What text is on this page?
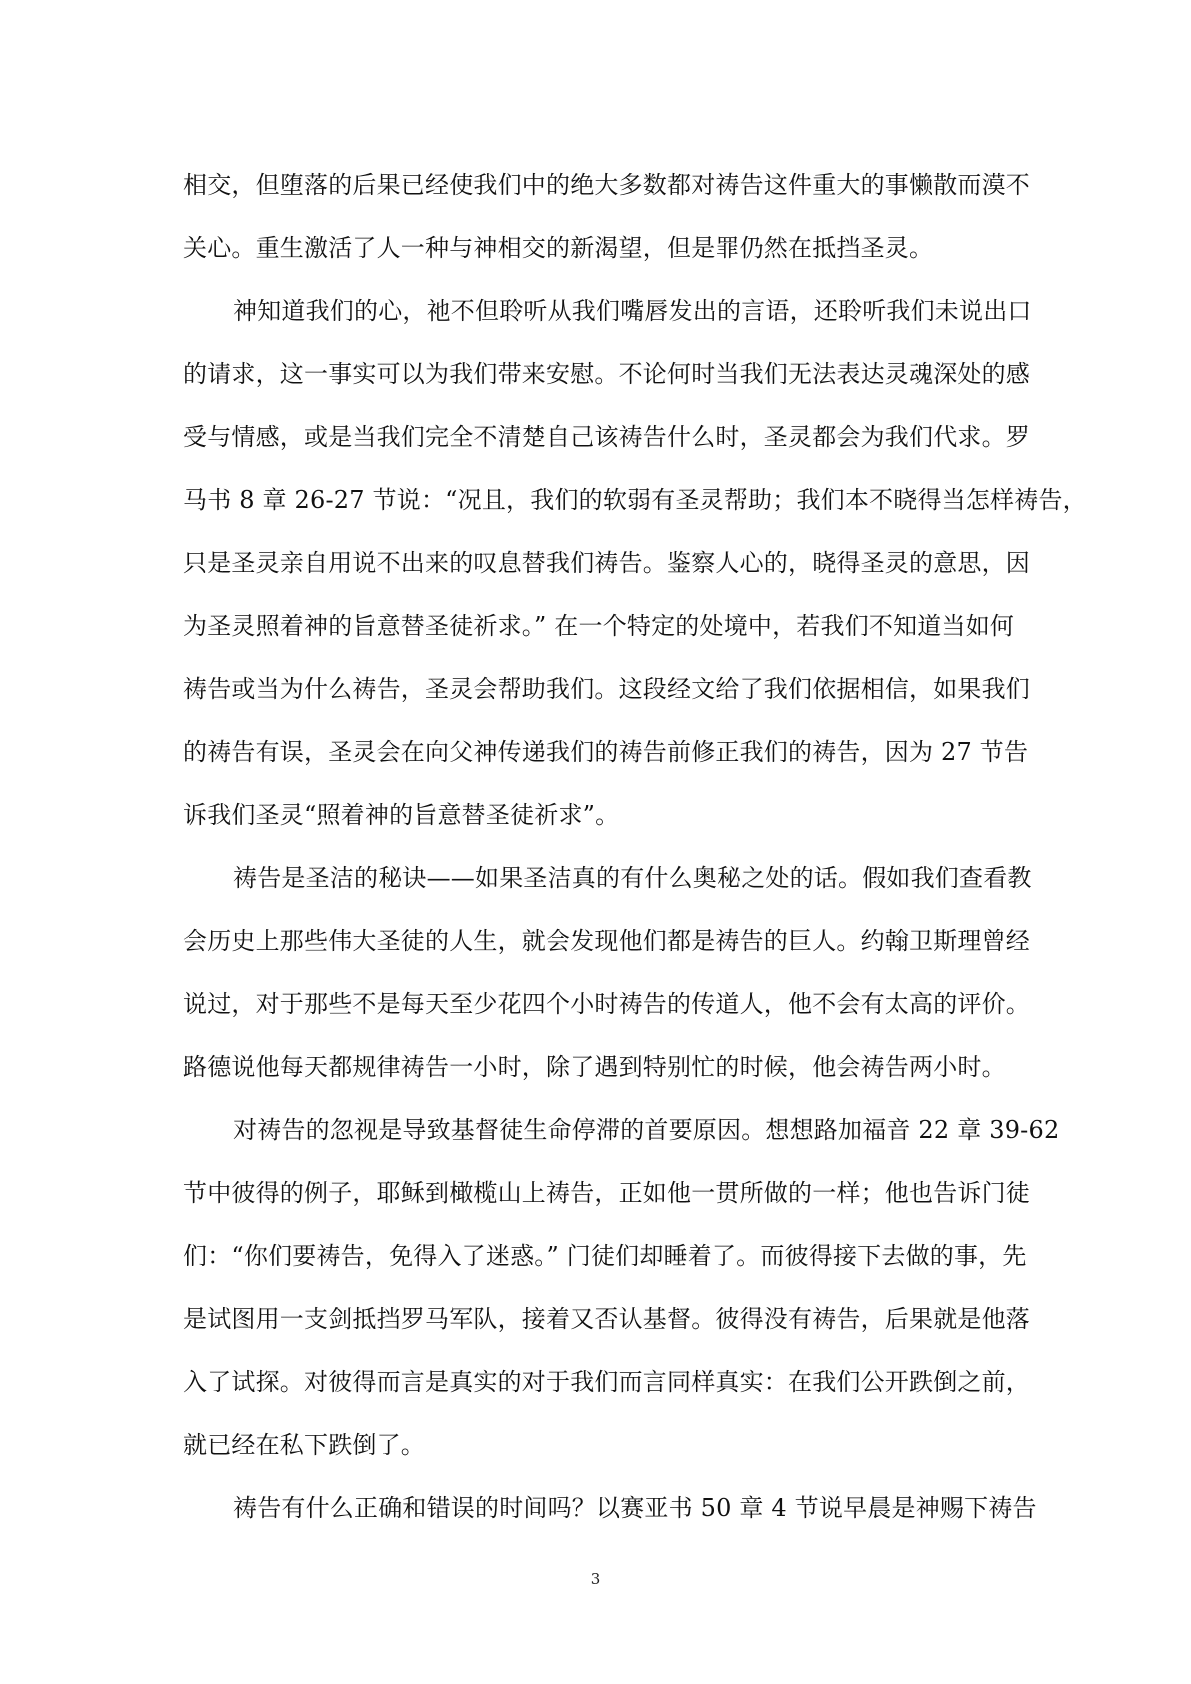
相交，但堕落的后果已经使我们中的绝大多数都对祷告这件重大的事懒散而漠不
关心。重生激活了人一种与神相交的新渴望，但是罪仍然在抵挡圣灵。
神知道我们的心，祂不但聆听从我们嘴唇发出的言语，还聆听我们未说出口
的请求，这一事实可以为我们带来安慰。不论何时当我们无法表达灵魂深处的感
受与情感，或是当我们完全不清楚自己该祷告什么时，圣灵都会为我们代求。罗
马书 8 章 26-27 节说：“况且，我们的软弱有圣灵帮助；我们本不晓得当怎样祷告，
只是圣灵亲自用说不出来的叹息替我们祷告。鉴察人心的，晓得圣灵的意思，因
为圣灵照着神的旨意替圣徒祈求。” 在一个特定的处境中，若我们不知道当如何
祷告或当为什么祷告，圣灵会帮助我们。这段经文给了我们依据相信，如果我们
的祷告有误，圣灵会在向父神传递我们的祷告前修正我们的祷告，因为 27 节告
诉我们圣灵“照着神的旨意替圣徒祈求”。
祷告是圣洁的秘诀——如果圣洁真的有什么奥秘之处的话。假如我们查看教
会历史上那些伟大圣徒的人生，就会发现他们都是祷告的巨人。约翰卫斯理曾经
说过，对于那些不是每天至少花四个小时祷告的传道人，他不会有太高的评价。
路德说他每天都规律祷告一小时，除了遇到特别忙的时候，他会祷告两小时。
对祷告的忽视是导致基督徒生命停滞的首要原因。想想路加福音 22 章 39-62
节中彼得的例子，耶稣到橄榄山上祷告，正如他一贯所做的一样；他也告诉门徒
们：“你们要祷告，免得入了迷惑。” 门徒们却睡着了。而彼得接下去做的事，先
是试图用一支剑抵挡罗马军队，接着又否认基督。彼得没有祷告，后果就是他落
入了试探。对彼得而言是真实的对于我们而言同样真实：在我们公开跌倒之前，
就已经在私下跌倒了。
祷告有什么正确和错误的时间吗？以赛亚书 50 章 4 节说早晨是神赐下祷告
3
